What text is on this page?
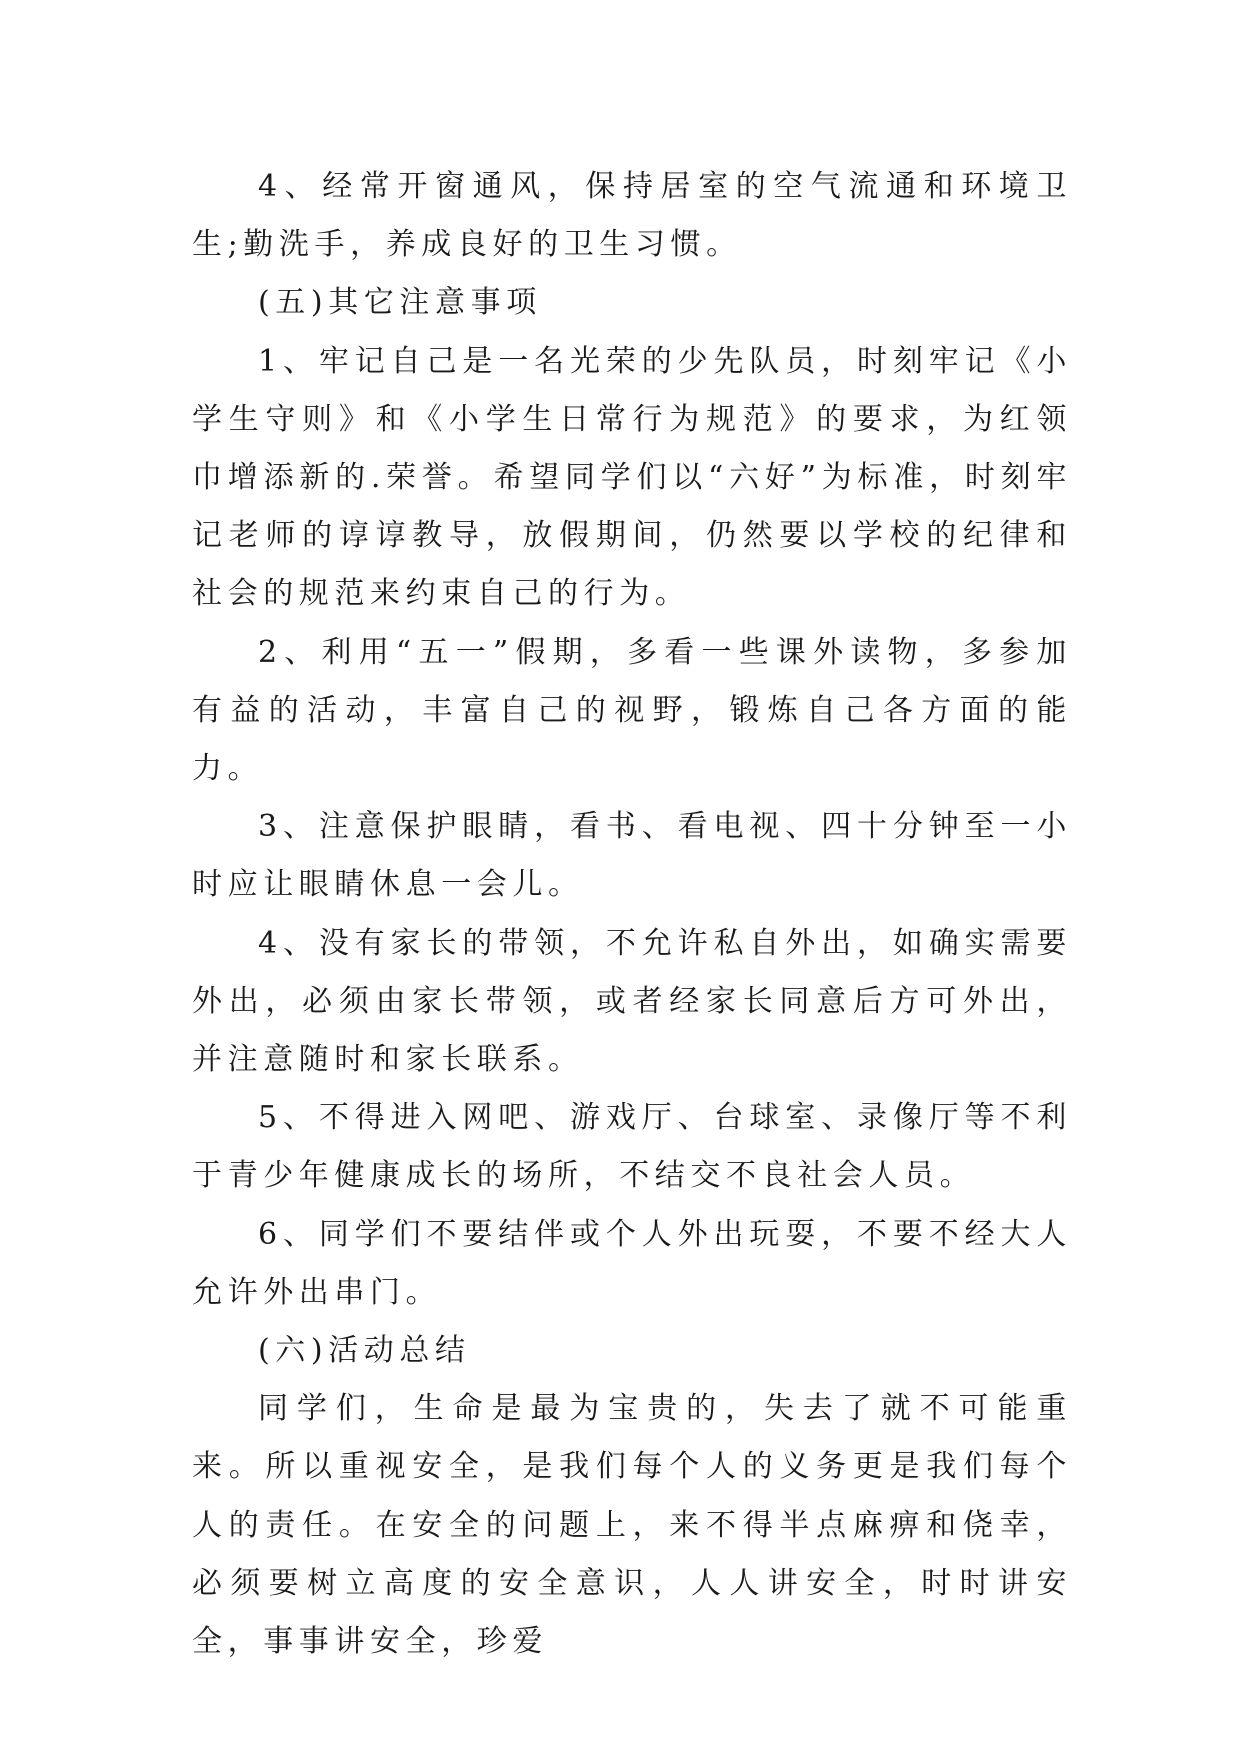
4、经常开窗通风，保持居室的空气流通和环境卫生;勤洗手，养成良好的卫生习惯。

(五)其它注意事项

1、牢记自己是一名光荣的少先队员，时刻牢记《小学生守则》和《小学生日常行为规范》的要求，为红领巾增添新的.荣誉。希望同学们以“六好”为标准，时刻牢记老师的谆谆教导，放假期间，仍然要以学校的纪律和社会的规范来约束自己的行为。

2、利用“五一”假期，多看一些课外读物，多参加有益的活动，丰富自己的视野，锻炼自己各方面的能力。

3、注意保护眼睛，看书、看电视、四十分钟至一小时应让眼睛休息一会儿。

4、没有家长的带领，不允许私自外出，如确实需要外出，必须由家长带领，或者经家长同意后方可外出，并注意随时和家长联系。

5、不得进入网吧、游戏厅、台球室、录像厅等不利于青少年健康成长的场所，不结交不良社会人员。

6、同学们不要结伴或个人外出玩耍，不要不经大人允许外出串门。

(六)活动总结

同学们，生命是最为宝贵的，失去了就不可能重来。所以重视安全，是我们每个人的义务更是我们每个人的责任。在安全的问题上，来不得半点麻痹和侥幸，必须要树立高度的安全意识，人人讲安全，时时讲安全，事事讲安全，珍爱
